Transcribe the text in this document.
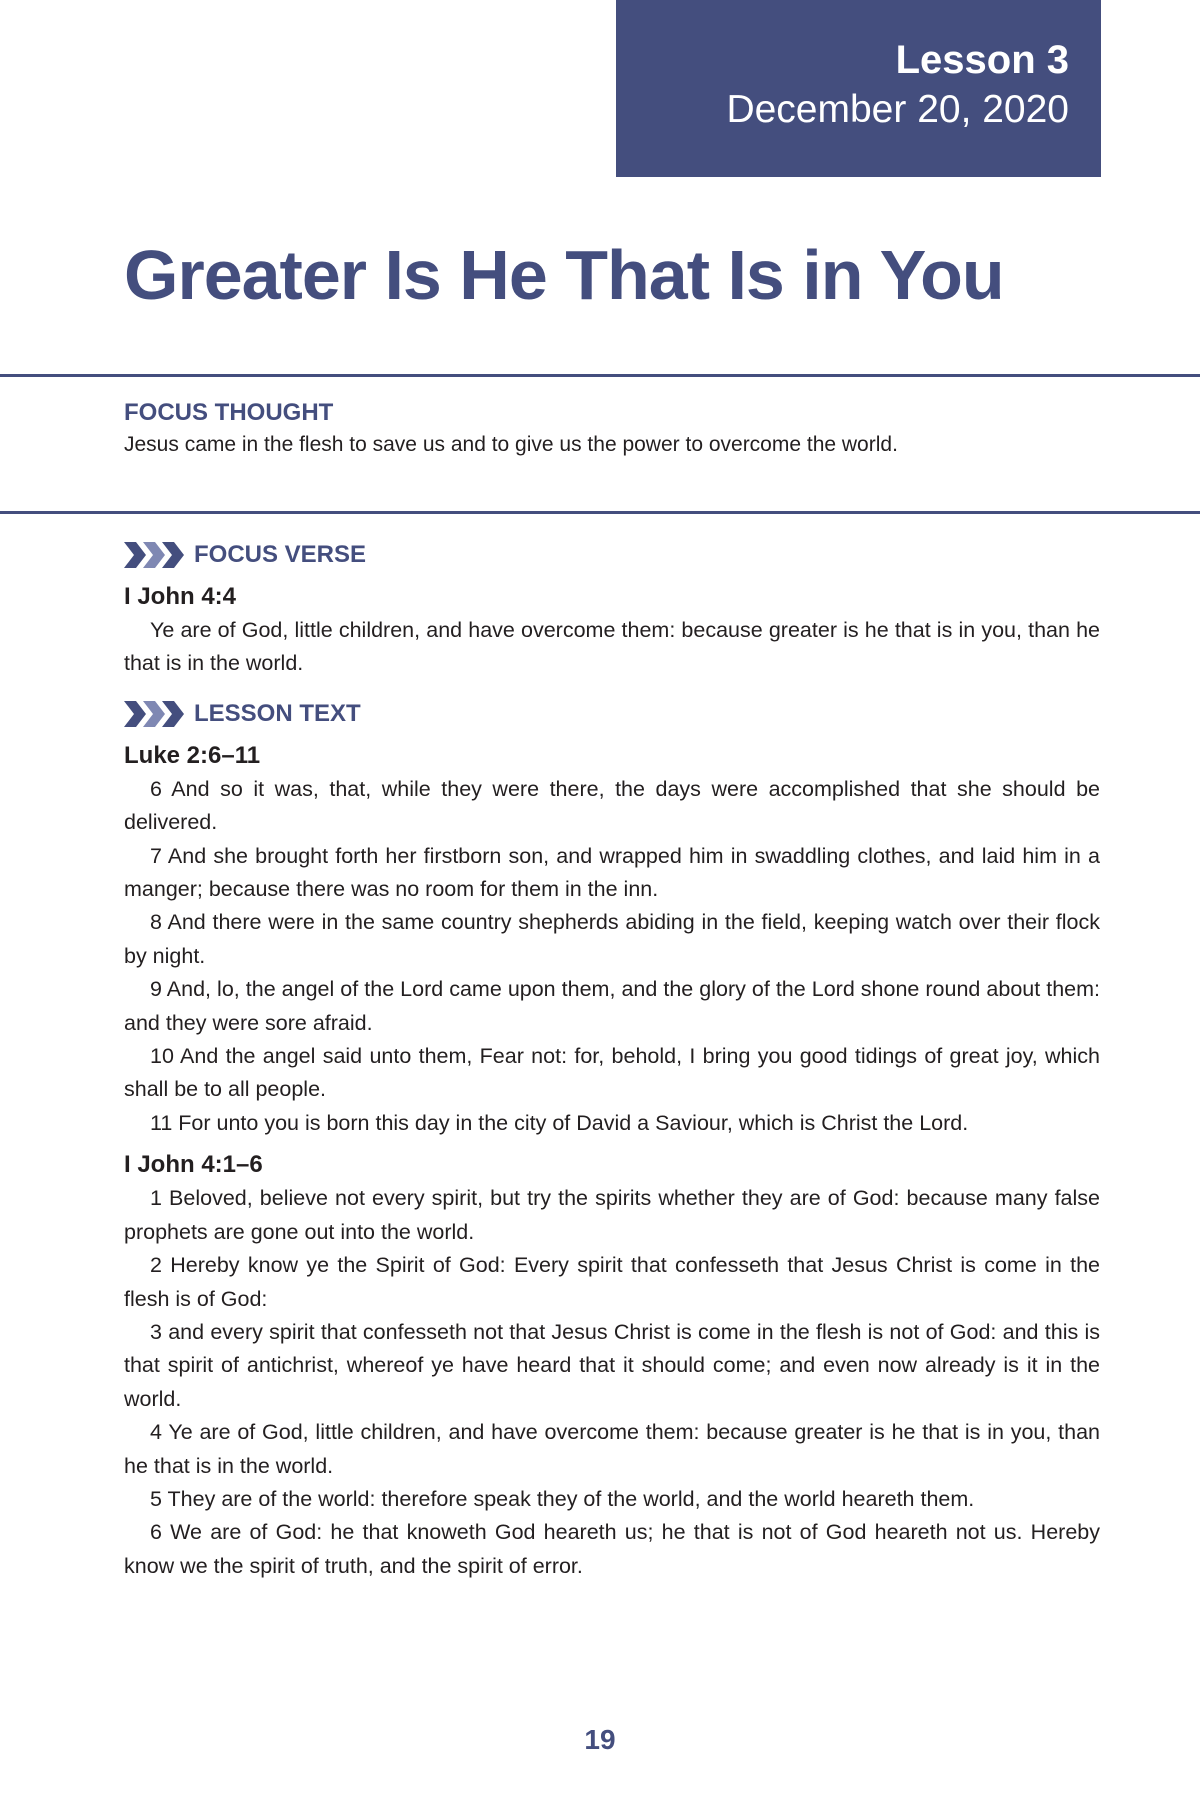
Lesson 3
December 20, 2020
Greater Is He That Is in You
FOCUS THOUGHT
Jesus came in the flesh to save us and to give us the power to overcome the world.
FOCUS VERSE
I John 4:4

Ye are of God, little children, and have overcome them: because greater is he that is in you, than he that is in the world.

LESSON TEXT
Luke 2:6–11

6 And so it was, that, while they were there, the days were accomplished that she should be delivered.

7 And she brought forth her firstborn son, and wrapped him in swaddling clothes, and laid him in a manger; because there was no room for them in the inn.

8 And there were in the same country shepherds abiding in the field, keeping watch over their flock by night.

9 And, lo, the angel of the Lord came upon them, and the glory of the Lord shone round about them: and they were sore afraid.

10 And the angel said unto them, Fear not: for, behold, I bring you good tidings of great joy, which shall be to all people.

11 For unto you is born this day in the city of David a Saviour, which is Christ the Lord.

I John 4:1–6

1 Beloved, believe not every spirit, but try the spirits whether they are of God: because many false prophets are gone out into the world.

2 Hereby know ye the Spirit of God: Every spirit that confesseth that Jesus Christ is come in the flesh is of God:

3 and every spirit that confesseth not that Jesus Christ is come in the flesh is not of God: and this is that spirit of antichrist, whereof ye have heard that it should come; and even now already is it in the world.

4 Ye are of God, little children, and have overcome them: because greater is he that is in you, than he that is in the world.

5 They are of the world: therefore speak they of the world, and the world heareth them.

6 We are of God: he that knoweth God heareth us; he that is not of God heareth not us. Hereby know we the spirit of truth, and the spirit of error.

19
